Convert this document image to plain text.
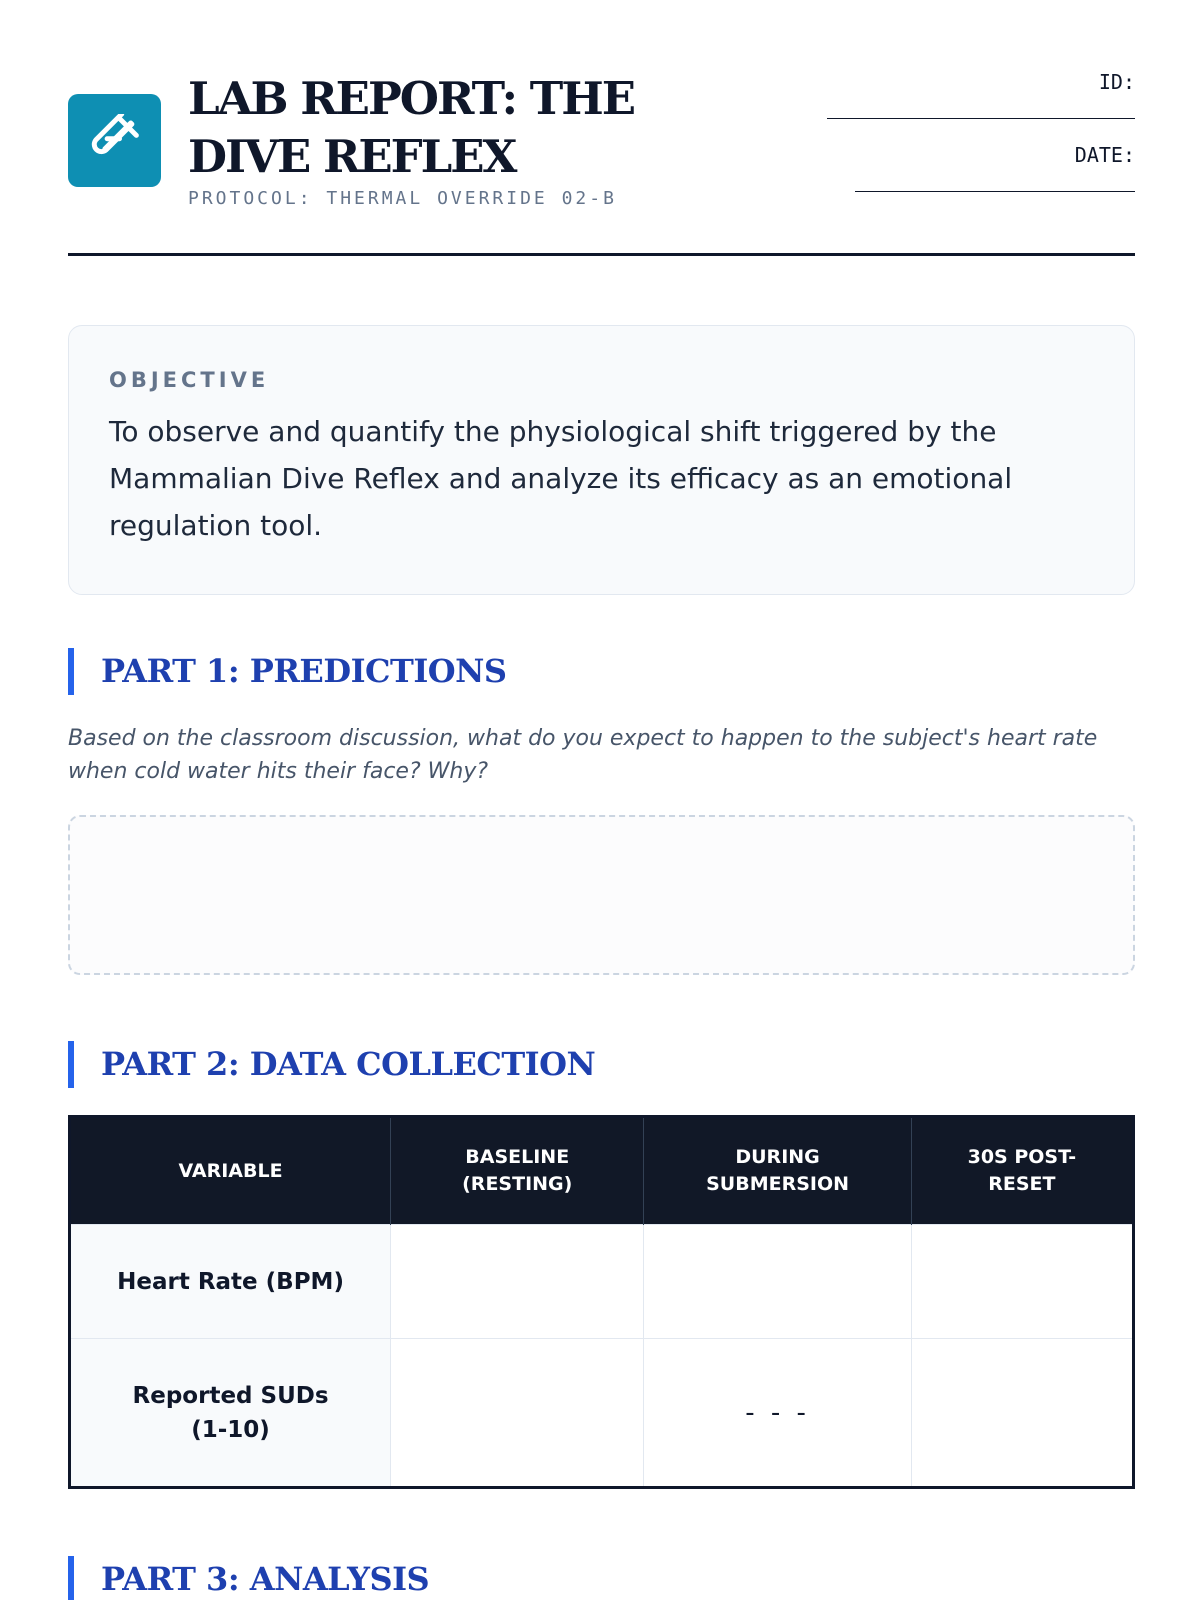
LAB REPORT: THE DIVE REFLEX
PROTOCOL: THERMAL OVERRIDE 02-B
ID:
DATE:
OBJECTIVE
To observe and quantify the physiological shift triggered by the Mammalian Dive Reflex and analyze its efficacy as an emotional regulation tool.
PART 1: PREDICTIONS
Based on the classroom discussion, what do you expect to happen to the subject's heart rate when cold water hits their face? Why?
PART 2: DATA COLLECTION
VARIABLE	BASELINE (RESTING)	DURING SUBMERSION	30S POST-RESET
Heart Rate (BPM)			
Reported SUDs (1-10)		- - -	
PART 3: ANALYSIS
